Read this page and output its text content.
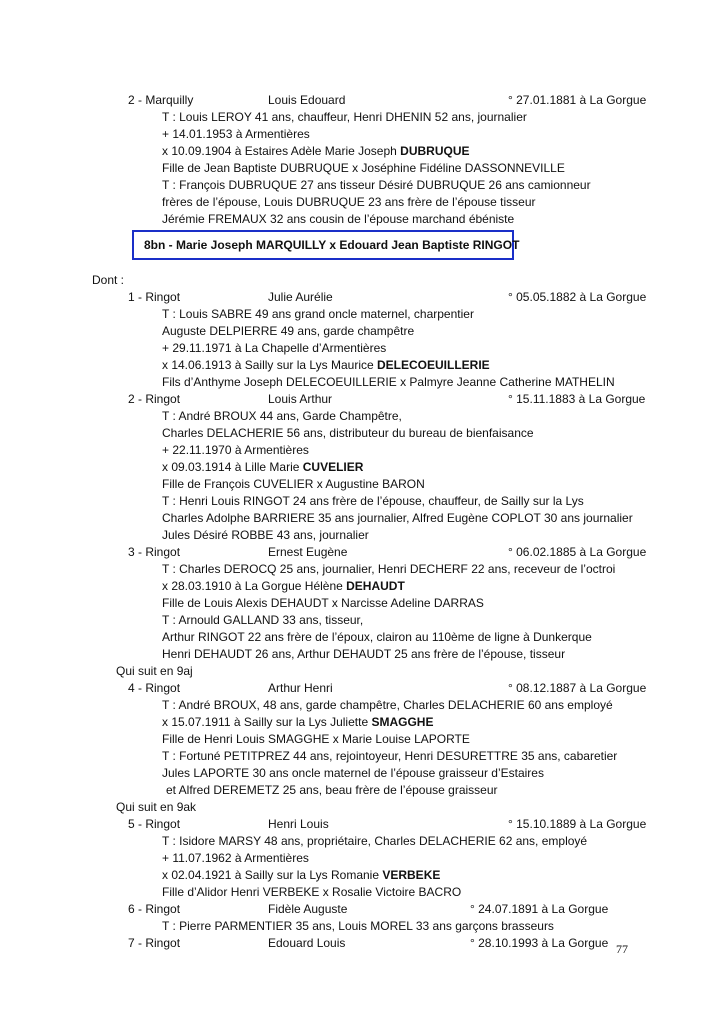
2 - Marquilly	Louis Edouard	° 27.01.1881 à La Gorgue
T : Louis LEROY 41 ans, chauffeur, Henri DHENIN 52 ans, journalier
+ 14.01.1953 à Armentières
x 10.09.1904 à Estaires Adèle Marie Joseph DUBRUQUE
Fille de Jean Baptiste DUBRUQUE x Joséphine Fidéline DASSONNEVILLE
T : François DUBRUQUE 27 ans tisseur Désiré DUBRUQUE 26 ans camionneur
frères de l’épouse, Louis DUBRUQUE 23 ans frère de l’épouse tisseur
Jérémie FREMAUX 32 ans cousin de l’épouse marchand ébéniste
8bn - Marie Joseph MARQUILLY x Edouard Jean Baptiste RINGOT
Dont :
1 - Ringot	Julie Aurélie	° 05.05.1882 à La Gorgue
T : Louis SABRE 49 ans grand oncle maternel, charpentier
Auguste DELPIERRE 49 ans, garde champêtre
+ 29.11.1971 à La Chapelle d’Armentières
x 14.06.1913 à Sailly sur la Lys Maurice DELECOEUILLERIE
Fils d’Anthyme Joseph DELECOEUILLERIE x Palmyre Jeanne Catherine MATHELIN
2 - Ringot	Louis Arthur	° 15.11.1883 à La Gorgue
T : André BROUX 44 ans, Garde Champêtre,
Charles DELACHERIE 56 ans, distributeur du bureau de bienfaisance
+ 22.11.1970 à Armentières
x 09.03.1914 à Lille Marie CUVELIER
Fille de François CUVELIER x Augustine BARON
T : Henri Louis RINGOT 24 ans frère de l’épouse, chauffeur, de Sailly sur la Lys
Charles Adolphe BARRIERE 35 ans journalier, Alfred Eugène COPLOT 30 ans journalier
Jules Désiré ROBBE 43 ans, journalier
3 - Ringot	Ernest Eugène	° 06.02.1885 à La Gorgue
T : Charles DEROCQ 25 ans, journalier, Henri DECHERF 22 ans, receveur de l’octroi
x 28.03.1910 à La Gorgue Hélène DEHAUDT
Fille de Louis Alexis DEHAUDT x Narcisse Adeline DARRAS
T : Arnould GALLAND 33 ans, tisseur,
Arthur RINGOT 22 ans frère de l’époux, clairon au 110ème de ligne à Dunkerque
Henri DEHAUDT 26 ans, Arthur DEHAUDT 25 ans frère de l’épouse, tisseur
Qui suit en 9aj
4 - Ringot	Arthur Henri	° 08.12.1887 à La Gorgue
T : André BROUX, 48 ans, garde champêtre, Charles DELACHERIE 60 ans employé
x 15.07.1911 à Sailly sur la Lys Juliette SMAGGHE
Fille de Henri Louis SMAGGHE x Marie Louise LAPORTE
T : Fortuné PETITPREZ 44 ans, rejointoyeur, Henri DESURETTRE 35 ans, cabaretier
Jules LAPORTE 30 ans oncle maternel de l’épouse graisseur d’Estaires
et Alfred DEREMETZ 25 ans, beau frère de l’épouse graisseur
Qui suit en 9ak
5 - Ringot	Henri Louis	° 15.10.1889 à La Gorgue
T : Isidore MARSY 48 ans, propriétaire, Charles DELACHERIE 62 ans, employé
+ 11.07.1962 à Armentières
x 02.04.1921 à Sailly sur la Lys Romanie VERBEKE
Fille d’Alidor Henri VERBEKE x Rosalie Victoire BACRO
6 - Ringot	Fidèle Auguste	° 24.07.1891 à La Gorgue
T : Pierre PARMENTIER 35 ans, Louis MOREL 33 ans garçons brasseurs
7 - Ringot	Edouard Louis	° 28.10.1993 à La Gorgue 77
